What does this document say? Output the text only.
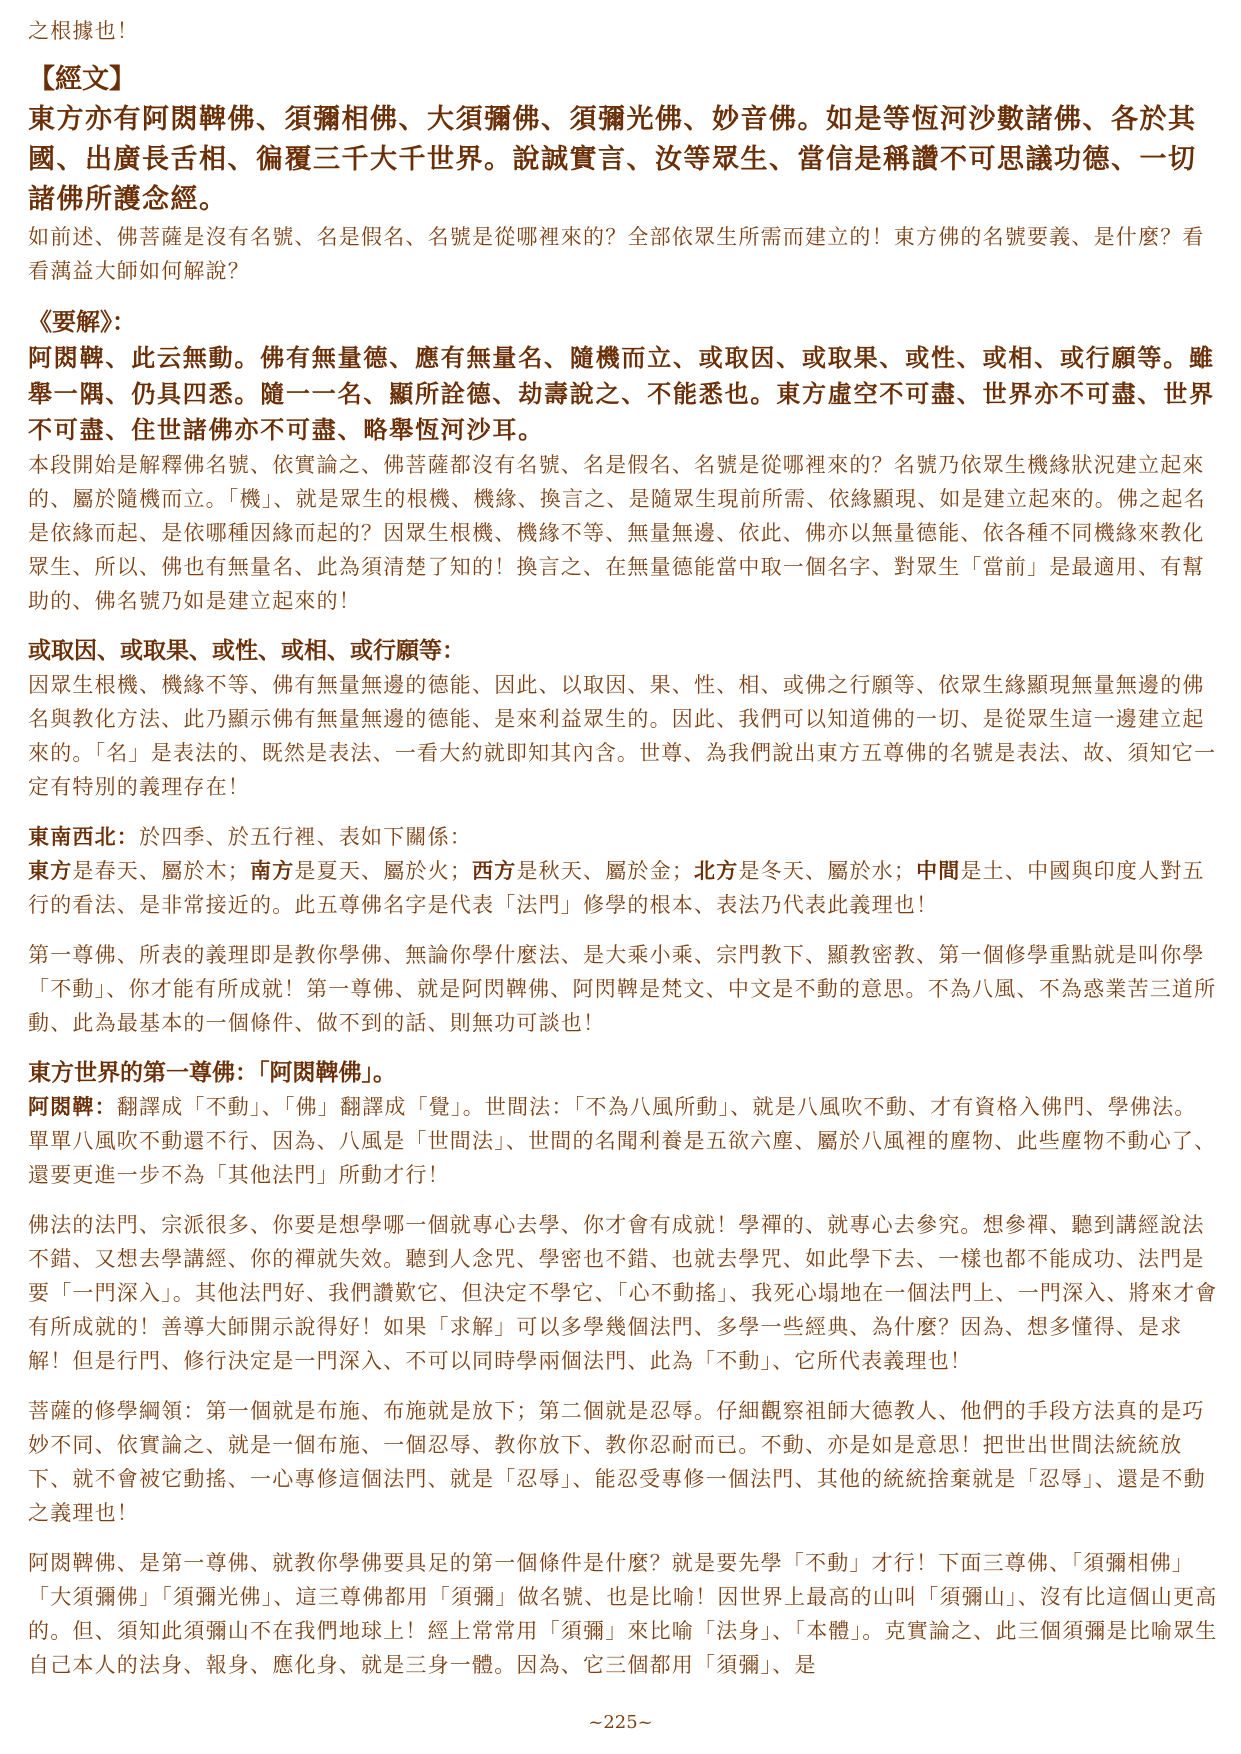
之根據也！

【經文】

東方亦有阿閦鞞佛、須彌相佛、大須彌佛、須彌光佛、妙音佛。如是等恆河沙數諸佛、各於其國、出廣長舌相、徧覆三千大千世界。說誠實言、汝等眾生、當信是稱讚不可思議功德、一切諸佛所護念經。

如前述、佛菩薩是沒有名號、名是假名、名號是從哪裡來的？全部依眾生所需而建立的！東方佛的名號要義、是什麼？看看蕅益大師如何解說？

《要解》：

阿閦鞞、此云無動。佛有無量德、應有無量名、隨機而立、或取因、或取果、或性、或相、或行願等。雖舉一隅、仍具四悉。隨一一名、顯所詮德、劫壽說之、不能悉也。東方虛空不可盡、世界亦不可盡、世界不可盡、住世諸佛亦不可盡、略舉恆河沙耳。

本段開始是解釋佛名號、依實論之、佛菩薩都沒有名號、名是假名、名號是從哪裡來的？名號乃依眾生機緣狀況建立起來的、屬於隨機而立。「機」、就是眾生的根機、機緣、換言之、是隨眾生現前所需、依緣顯現、如是建立起來的。佛之起名是依緣而起、是依哪種因緣而起的？因眾生根機、機緣不等、無量無邊、依此、佛亦以無量德能、依各種不同機緣來教化眾生、所以、佛也有無量名、此為須清楚了知的！換言之、在無量德能當中取一個名字、對眾生「當前」是最適用、有幫助的、佛名號乃如是建立起來的！

或取因、或取果、或性、或相、或行願等：

因眾生根機、機緣不等、佛有無量無邊的德能、因此、以取因、果、性、相、或佛之行願等、依眾生緣顯現無量無邊的佛名與教化方法、此乃顯示佛有無量無邊的德能、是來利益眾生的。因此、我們可以知道佛的一切、是從眾生這一邊建立起來的。「名」是表法的、既然是表法、一看大約就即知其內含。世尊、為我們說出東方五尊佛的名號是表法、故、須知它一定有特別的義理存在！

東南西北：於四季、於五行裡、表如下關係：

東方是春天、屬於木；南方是夏天、屬於火；西方是秋天、屬於金；北方是冬天、屬於水；中間是土、中國與印度人對五行的看法、是非常接近的。此五尊佛名字是代表「法門」修學的根本、表法乃代表此義理也！

第一尊佛、所表的義理即是教你學佛、無論你學什麼法、是大乘小乘、宗門教下、顯教密教、第一個修學重點就是叫你學「不動」、你才能有所成就！第一尊佛、就是阿閃鞞佛、阿閃鞞是梵文、中文是不動的意思。不為八風、不為惑業苦三道所動、此為最基本的一個條件、做不到的話、則無功可談也！

東方世界的第一尊佛：「阿閦鞞佛」。

阿閦鞞：翻譯成「不動」、「佛」翻譯成「覺」。世間法：「不為八風所動」、就是八風吹不動、才有資格入佛門、學佛法。單單八風吹不動還不行、因為、八風是「世間法」、世間的名聞利養是五欲六塵、屬於八風裡的塵物、此些塵物不動心了、還要更進一步不為「其他法門」所動才行！

佛法的法門、宗派很多、你要是想學哪一個就專心去學、你才會有成就！學禪的、就專心去參究。想參禪、聽到講經說法不錯、又想去學講經、你的禪就失效。聽到人念咒、學密也不錯、也就去學咒、如此學下去、一樣也都不能成功、法門是要「一門深入」。其他法門好、我們讚歎它、但決定不學它、「心不動搖」、我死心塌地在一個法門上、一門深入、將來才會有所成就的！善導大師開示說得好！如果「求解」可以多學幾個法門、多學一些經典、為什麼？因為、想多懂得、是求解！但是行門、修行決定是一門深入、不可以同時學兩個法門、此為「不動」、它所代表義理也！

菩薩的修學綱領：第一個就是布施、布施就是放下；第二個就是忍辱。仔細觀察祖師大德教人、他們的手段方法真的是巧妙不同、依實論之、就是一個布施、一個忍辱、教你放下、教你忍耐而已。不動、亦是如是意思！把世出世間法統統放下、就不會被它動搖、一心專修這個法門、就是「忍辱」、能忍受專修一個法門、其他的統統捨棄就是「忍辱」、還是不動之義理也！

阿閦鞞佛、是第一尊佛、就教你學佛要具足的第一個條件是什麼？就是要先學「不動」才行！下面三尊佛、「須彌相佛」「大須彌佛」「須彌光佛」、這三尊佛都用「須彌」做名號、也是比喻！因世界上最高的山叫「須彌山」、沒有比這個山更高的。但、須知此須彌山不在我們地球上！經上常常用「須彌」來比喻「法身」、「本體」。克實論之、此三個須彌是比喻眾生自己本人的法身、報身、應化身、就是三身一體。因為、它三個都用「須彌」、是

~225~
